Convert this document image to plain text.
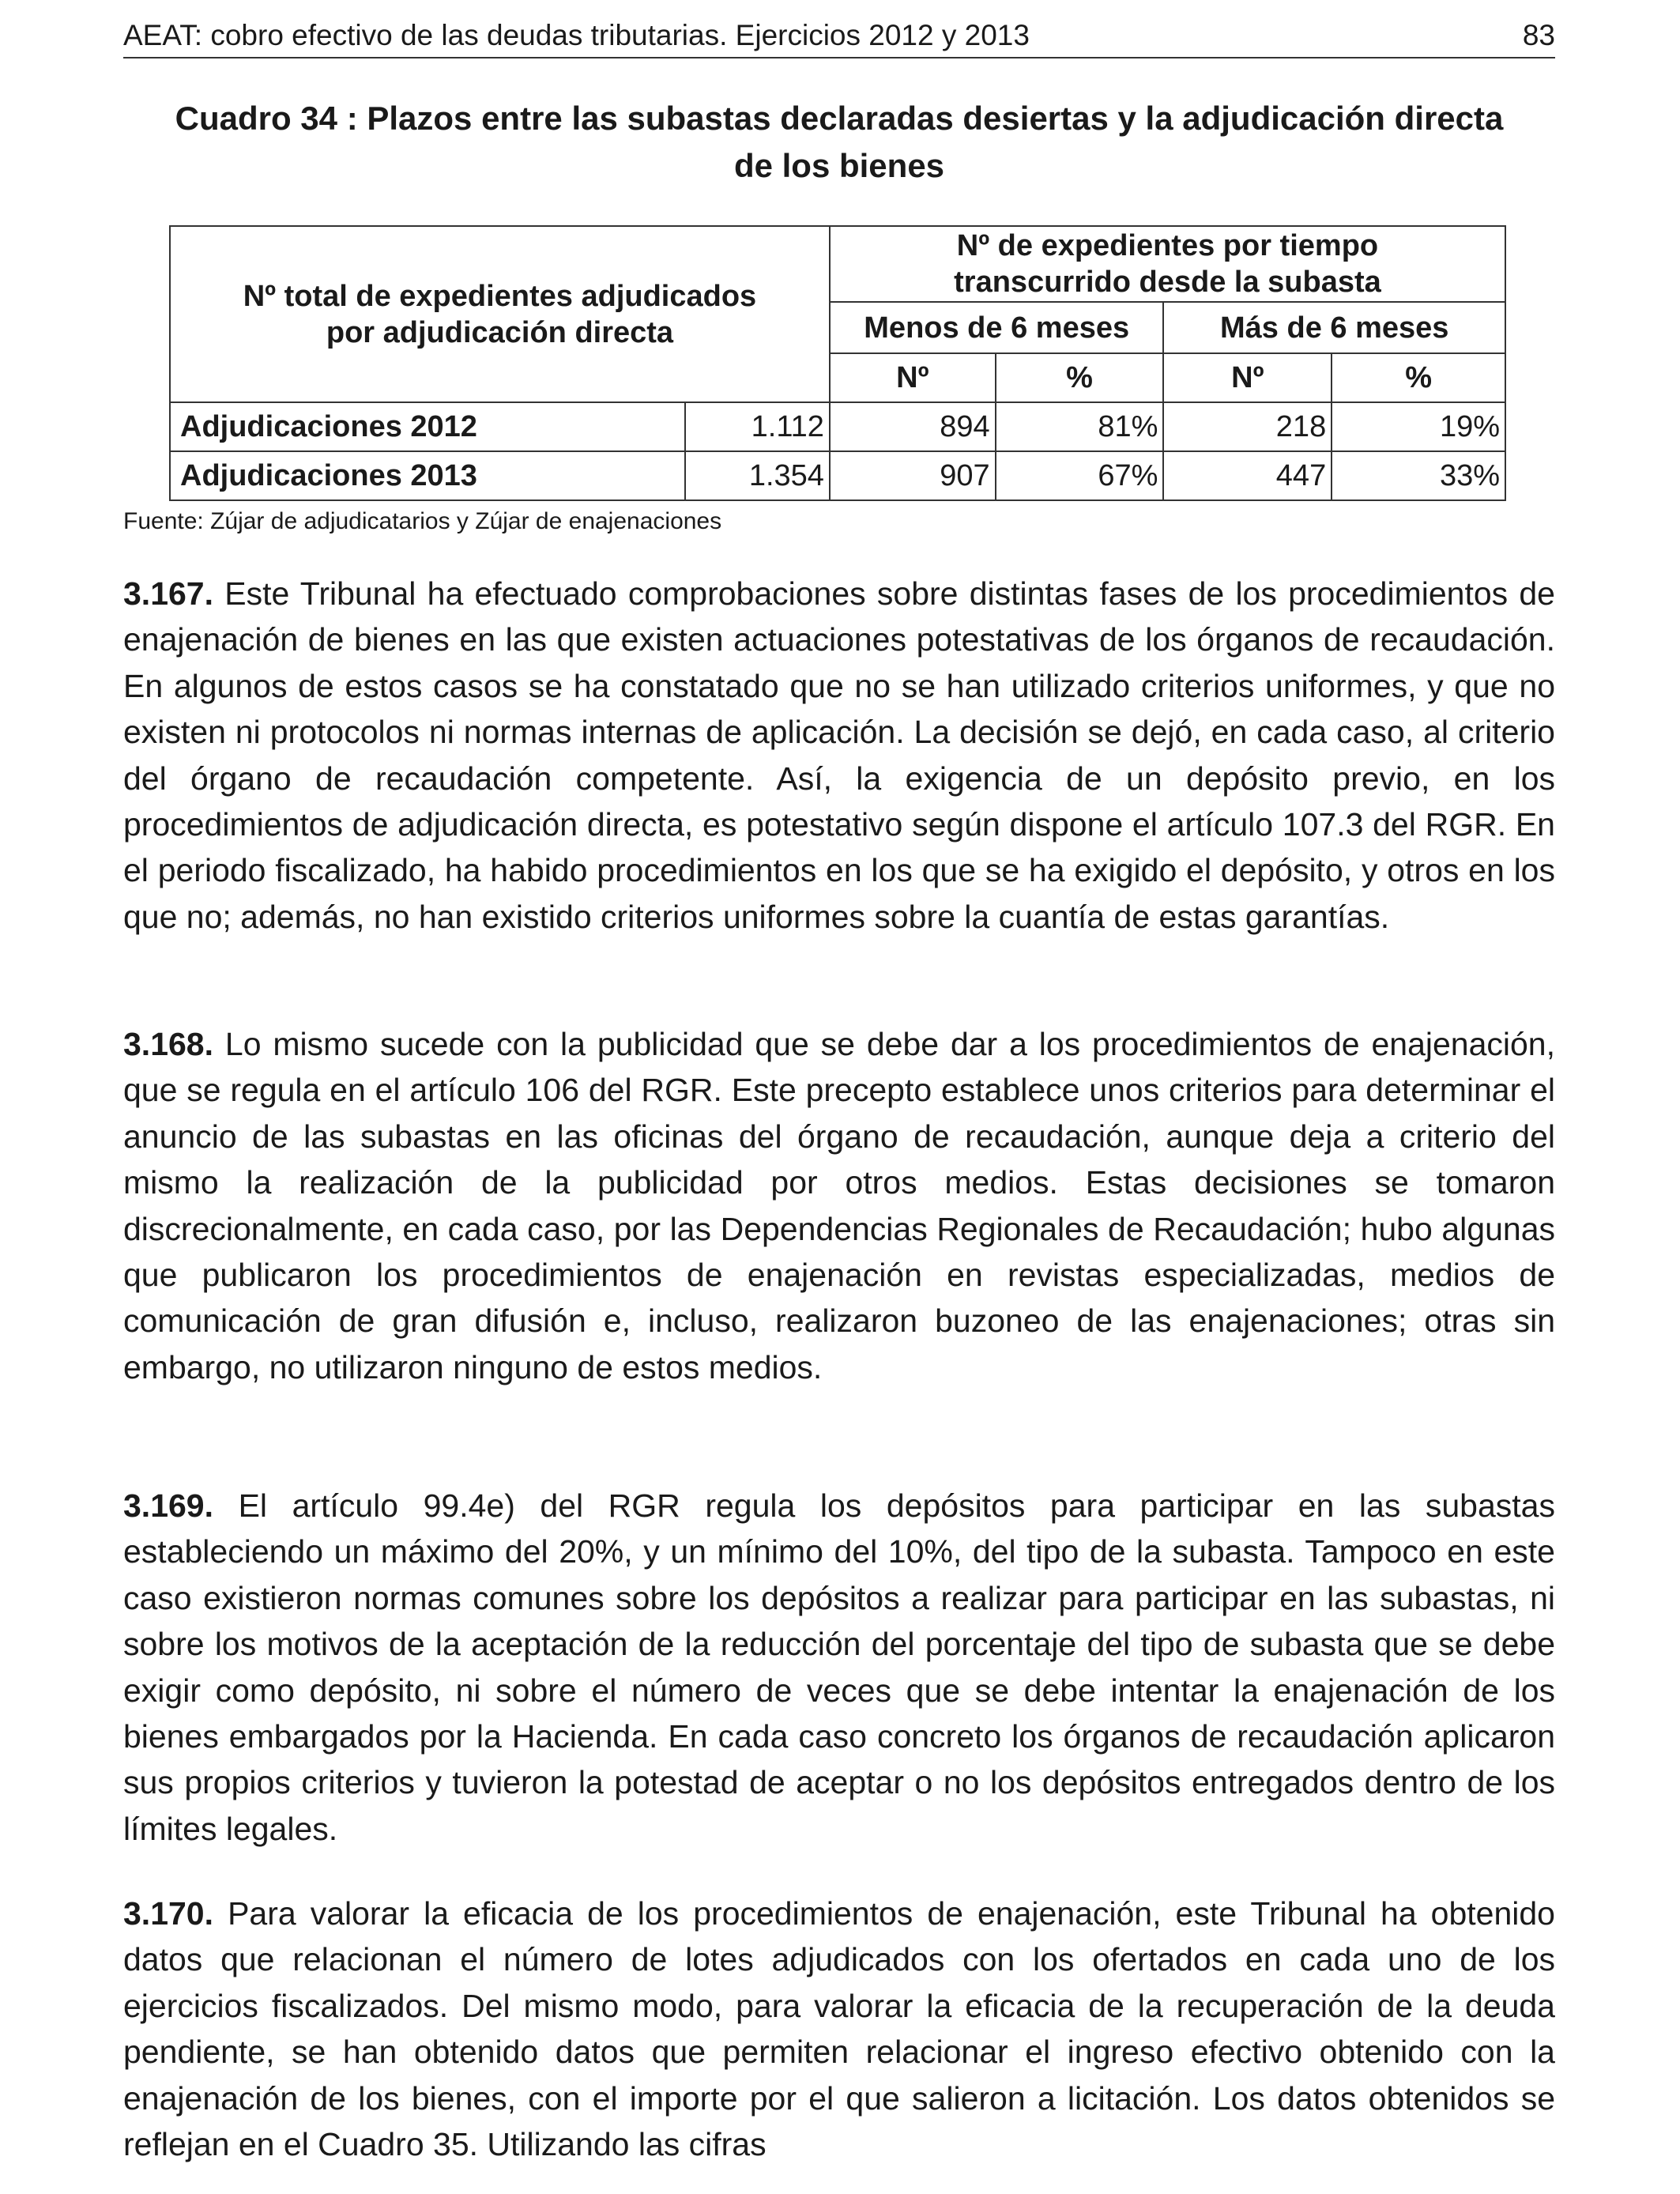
AEAT: cobro efectivo de las deudas tributarias. Ejercicios 2012 y 2013	83
Cuadro 34 : Plazos entre las subastas declaradas desiertas y la adjudicación directa
de los bienes
Nº total de expedientes adjudicados por adjudicación directa		Nº de expedientes por tiempo transcurrido desde la subasta			
		Menos de 6 meses		Más de 6 meses	
		Nº	%	Nº	%
Adjudicaciones 2012	1.112	894	81%	218	19%
Adjudicaciones 2013	1.354	907	67%	447	33%
Fuente: Zújar de adjudicatarios y Zújar de enajenaciones

3.167. Este Tribunal ha efectuado comprobaciones sobre distintas fases de los procedimientos de enajenación de bienes en las que existen actuaciones potestativas de los órganos de recaudación. En algunos de estos casos se ha constatado que no se han utilizado criterios uniformes, y que no existen ni protocolos ni normas internas de aplicación. La decisión se dejó, en cada caso, al criterio del órgano de recaudación competente. Así, la exigencia de un depósito previo, en los procedimientos de adjudicación directa, es potestativo según dispone el artículo 107.3 del RGR. En el periodo fiscalizado, ha habido procedimientos en los que se ha exigido el depósito, y otros en los que no; además, no han existido criterios uniformes sobre la cuantía de estas garantías.

3.168. Lo mismo sucede con la publicidad que se debe dar a los procedimientos de enajenación, que se regula en el artículo 106 del RGR. Este precepto establece unos criterios para determinar el anuncio de las subastas en las oficinas del órgano de recaudación, aunque deja a criterio del mismo la realización de la publicidad por otros medios. Estas decisiones se tomaron discrecionalmente, en cada caso, por las Dependencias Regionales de Recaudación; hubo algunas que publicaron los procedimientos de enajenación en revistas especializadas, medios de comunicación de gran difusión e, incluso, realizaron buzoneo de las enajenaciones; otras sin embargo, no utilizaron ninguno de estos medios.

3.169. El artículo 99.4e) del RGR regula los depósitos para participar en las subastas estableciendo un máximo del 20%, y un mínimo del 10%, del tipo de la subasta. Tampoco en este caso existieron normas comunes sobre los depósitos a realizar para participar en las subastas, ni sobre los motivos de la aceptación de la reducción del porcentaje del tipo de subasta que se debe exigir como depósito, ni sobre el número de veces que se debe intentar la enajenación de los bienes embargados por la Hacienda. En cada caso concreto los órganos de recaudación aplicaron sus propios criterios y tuvieron la potestad de aceptar o no los depósitos entregados dentro de los límites legales.

3.170. Para valorar la eficacia de los procedimientos de enajenación, este Tribunal ha obtenido datos que relacionan el número de lotes adjudicados con los ofertados en cada uno de los ejercicios fiscalizados. Del mismo modo, para valorar la eficacia de la recuperación de la deuda pendiente, se han obtenido datos que permiten relacionar el ingreso efectivo obtenido con la enajenación de los bienes, con el importe por el que salieron a licitación. Los datos obtenidos se reflejan en el Cuadro 35. Utilizando las cifras
